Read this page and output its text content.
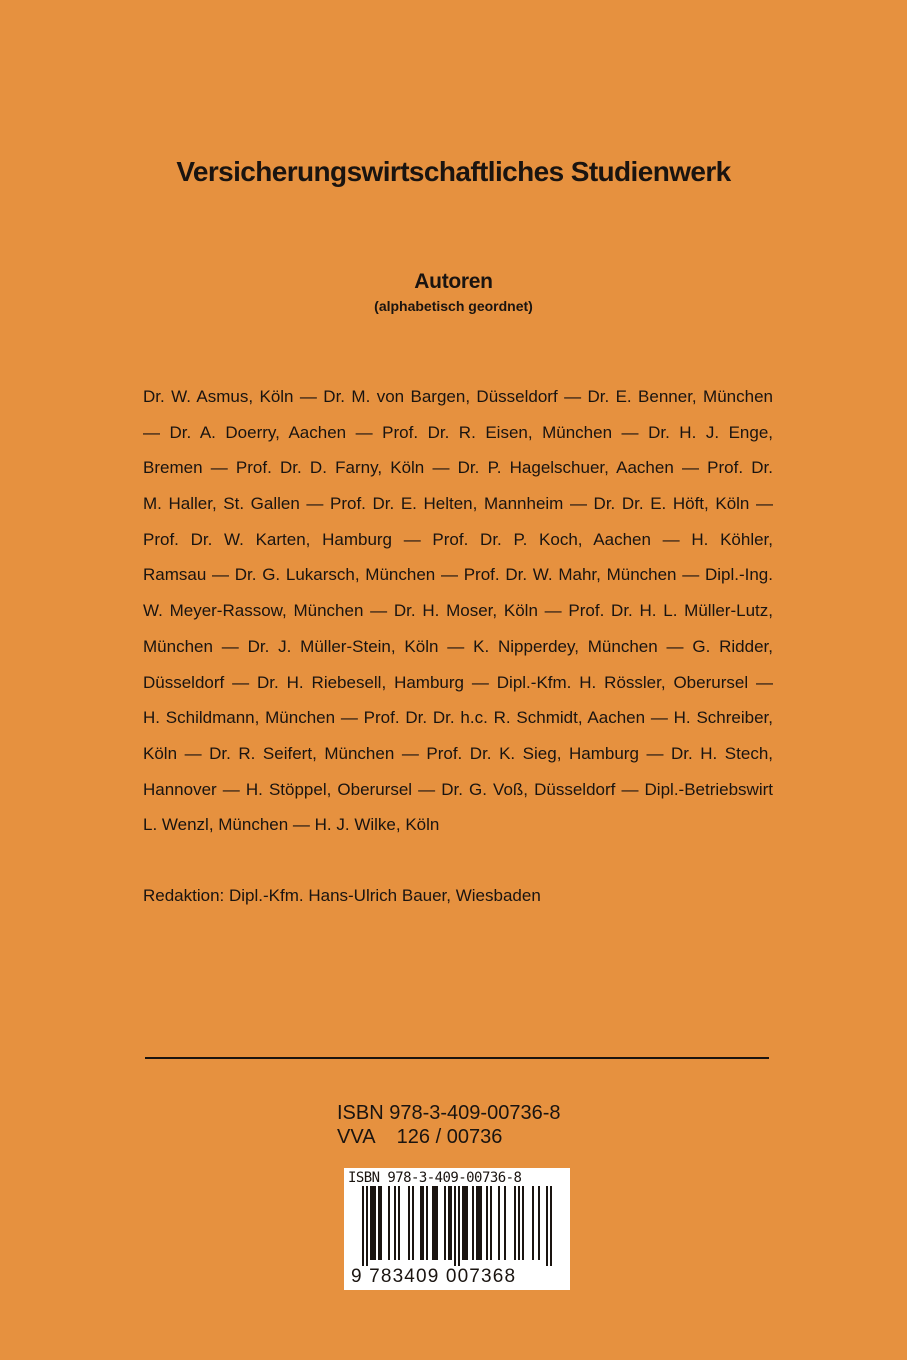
Versicherungswirtschaftliches Studienwerk
Autoren
(alphabetisch geordnet)
Dr. W. Asmus, Köln — Dr. M. von Bargen, Düsseldorf — Dr. E. Benner, München
— Dr. A. Doerry, Aachen — Prof. Dr. R. Eisen, München — Dr. H. J. Enge,
Bremen — Prof. Dr. D. Farny, Köln — Dr. P. Hagelschuer, Aachen — Prof. Dr.
M. Haller, St. Gallen — Prof. Dr. E. Helten, Mannheim — Dr. Dr. E. Höft, Köln —
Prof. Dr. W. Karten, Hamburg — Prof. Dr. P. Koch, Aachen — H. Köhler,
Ramsau — Dr. G. Lukarsch, München — Prof. Dr. W. Mahr, München — Dipl.-Ing.
W. Meyer-Rassow, München — Dr. H. Moser, Köln — Prof. Dr. H. L. Müller-Lutz,
München — Dr. J. Müller-Stein, Köln — K. Nipperdey, München — G. Ridder,
Düsseldorf — Dr. H. Riebesell, Hamburg — Dipl.-Kfm. H. Rössler, Oberursel —
H. Schildmann, München — Prof. Dr. Dr. h.c. R. Schmidt, Aachen — H. Schreiber,
Köln — Dr. R. Seifert, München — Prof. Dr. K. Sieg, Hamburg — Dr. H. Stech,
Hannover — H. Stöppel, Oberursel — Dr. G. Voß, Düsseldorf — Dipl.-Betriebswirt
L. Wenzl, München — H. J. Wilke, Köln

Redaktion: Dipl.-Kfm. Hans-Ulrich Bauer, Wiesbaden

ISBN 978-3-409-00736-8

VVA    126 / 00736

ISBN 978-3-409-00736-8
9 783409 007368
